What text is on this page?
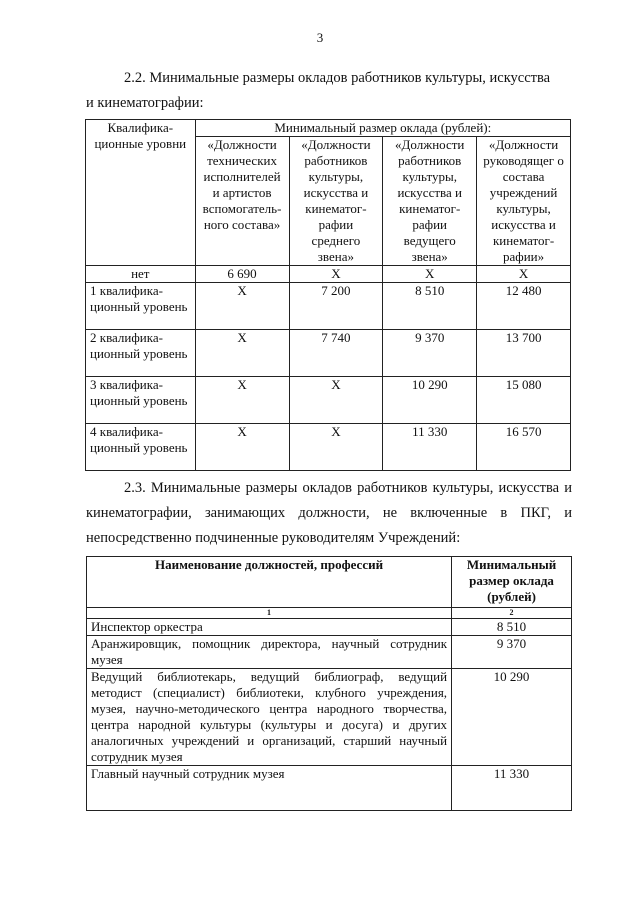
3
2.2. Минимальные размеры окладов работников культуры, искусства
и кинематографии:
Квалифика-ционные уровни	Минимальный размер оклада (рублей):			
	«Должности технических исполнителей и артистов вспомогатель-ного состава»	«Должности работников культуры, искусства и кинематог-рафии среднего звена»	«Должности работников культуры, искусства и кинематог-рафии ведущего звена»	«Должности руководящег о состава учреждений культуры, искусства и кинематог-рафии»
нет	6 690	Х	Х	Х
1 квалифика-ционный уровень	Х	7 200	8 510	12 480
2 квалифика-ционный уровень	Х	7 740	9 370	13 700
3 квалифика-ционный уровень	Х	Х	10 290	15 080
4 квалифика-ционный уровень	Х	Х	11 330	16 570
2.3. Минимальные размеры окладов работников культуры, искусства и кинематографии, занимающих должности, не включенные в ПКГ, и непосредственно подчиненные руководителям Учреждений:
Наименование должностей, профессий	Минимальный размер оклада (рублей)
1	2
Инспектор оркестра	8 510
Аранжировщик, помощник директора, научный сотрудник музея	9 370
Ведущий библиотекарь, ведущий библиограф, ведущий методист (специалист) библиотеки, клубного учреждения, музея, научно-методического центра народного творчества, центра народной культуры (культуры и досуга) и других аналогичных учреждений и организаций, старший научный сотрудник музея	10 290
Главный научный сотрудник музея	11 330
